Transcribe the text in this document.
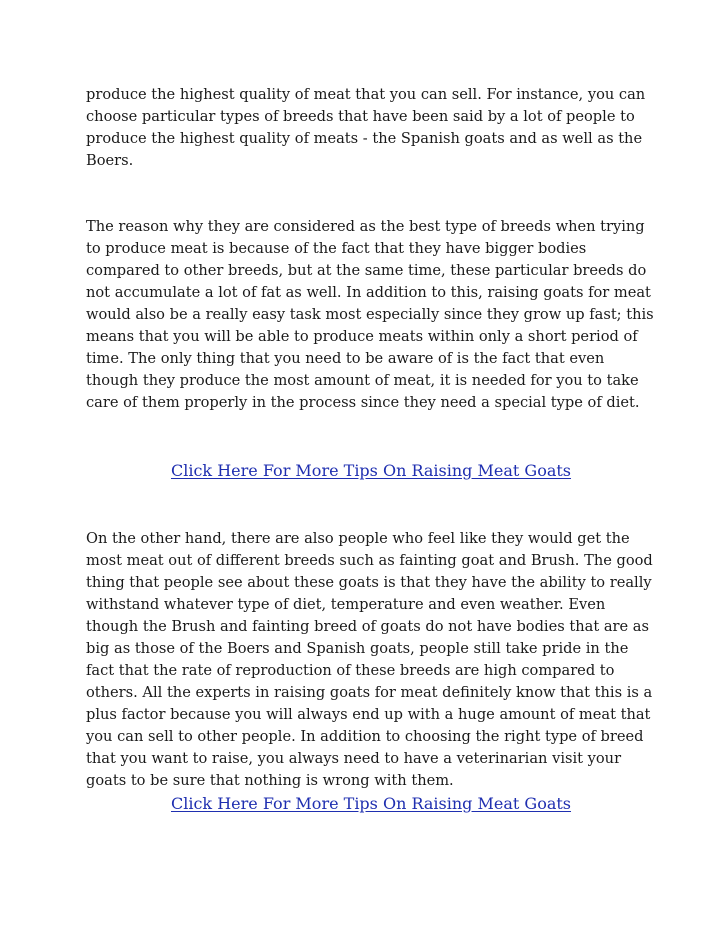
produce the highest quality of meat that you can sell. For instance, you can
choose particular types of breeds that have been said by a lot of people to
produce the highest quality of meats - the Spanish goats and as well as the
Boers.

The reason why they are considered as the best type of breeds when trying
to produce meat is because of the fact that they have bigger bodies
compared to other breeds, but at the same time, these particular breeds do
not accumulate a lot of fat as well. In addition to this, raising goats for meat
would also be a really easy task most especially since they grow up fast; this
means that you will be able to produce meats within only a short period of
time. The only thing that you need to be aware of is the fact that even
though they produce the most amount of meat, it is needed for you to take
care of them properly in the process since they need a special type of diet.

Click Here For More Tips On Raising Meat Goats

On the other hand, there are also people who feel like they would get the
most meat out of different breeds such as fainting goat and Brush. The good
thing that people see about these goats is that they have the ability to really
withstand whatever type of diet, temperature and even weather. Even
though the Brush and fainting breed of goats do not have bodies that are as
big as those of the Boers and Spanish goats, people still take pride in the
fact that the rate of reproduction of these breeds are high compared to
others. All the experts in raising goats for meat definitely know that this is a
plus factor because you will always end up with a huge amount of meat that
you can sell to other people. In addition to choosing the right type of breed
that you want to raise, you always need to have a veterinarian visit your
goats to be sure that nothing is wrong with them.

Click Here For More Tips On Raising Meat Goats
